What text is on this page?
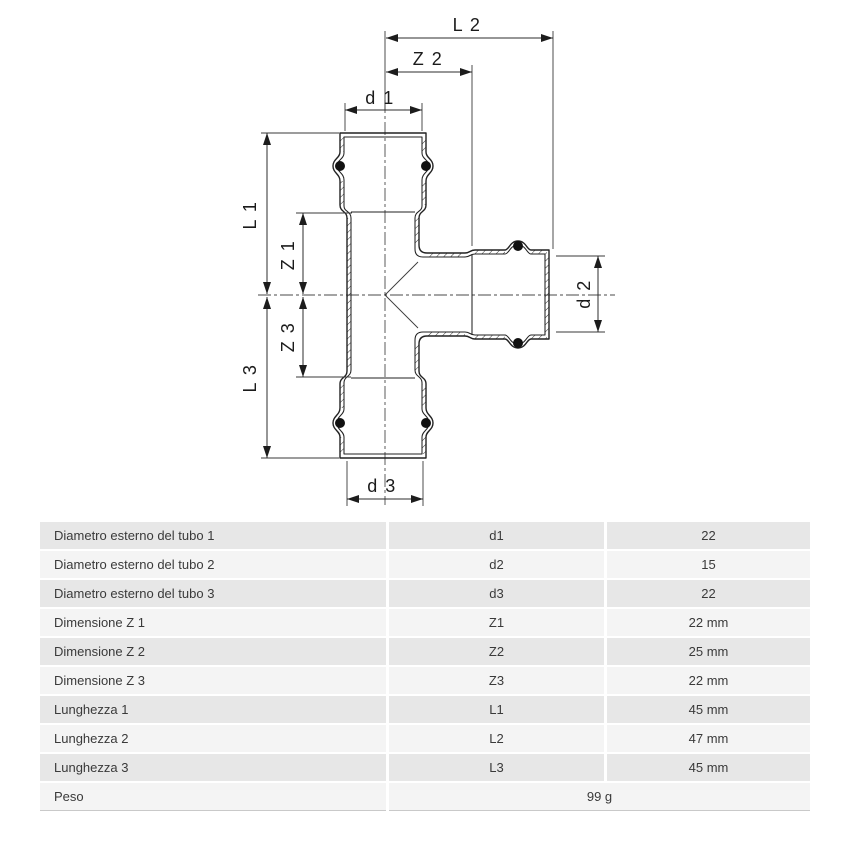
L 2
Z 2
d 1
L 1
Z 1
Z 3
L 3
d 2
d 3
Diametro esterno del tubo 1	d1	22
Diametro esterno del tubo 2	d2	15
Diametro esterno del tubo 3	d3	22
Dimensione Z 1	Z1	22 mm
Dimensione Z 2	Z2	25 mm
Dimensione Z 3	Z3	22 mm
Lunghezza 1	L1	45 mm
Lunghezza 2	L2	47 mm
Lunghezza 3	L3	45 mm
Peso	99 g
